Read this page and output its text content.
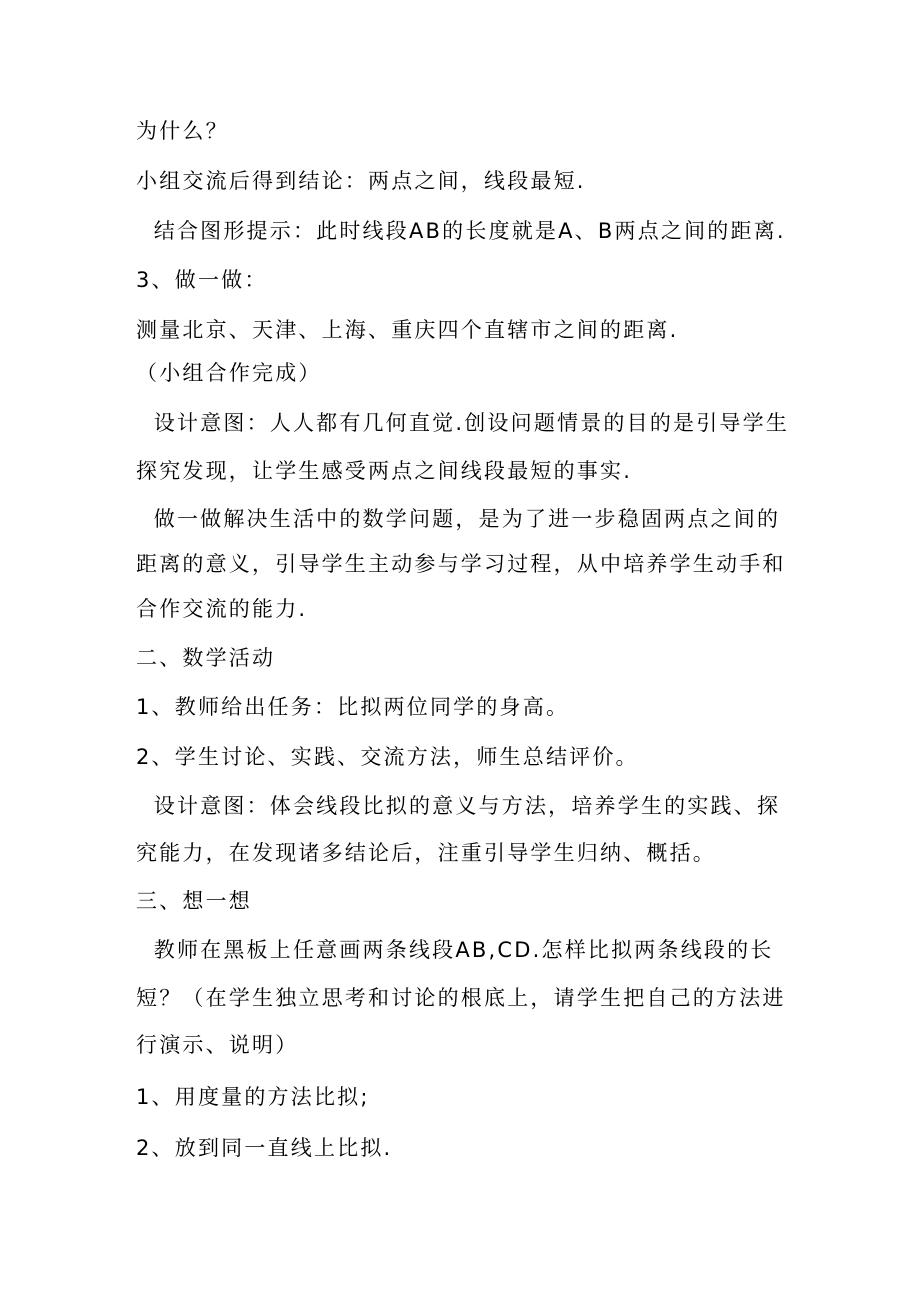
为什么？
小组交流后得到结论：两点之间，线段最短.
结合图形提示：此时线段AB的长度就是A、B两点之间的距离.
3、做一做：
测量北京、天津、上海、重庆四个直辖市之间的距离.
（小组合作完成）
设计意图：人人都有几何直觉.创设问题情景的目的是引导学生
探究发现，让学生感受两点之间线段最短的事实.
做一做解决生活中的数学问题，是为了进一步稳固两点之间的
距离的意义，引导学生主动参与学习过程，从中培养学生动手和
合作交流的能力.
二、数学活动
1、教师给出任务：比拟两位同学的身高。
2、学生讨论、实践、交流方法，师生总结评价。
设计意图：体会线段比拟的意义与方法，培养学生的实践、探
究能力，在发现诸多结论后，注重引导学生归纳、概括。
三、想一想
教师在黑板上任意画两条线段AB,CD.怎样比拟两条线段的长
短？（在学生独立思考和讨论的根底上，请学生把自己的方法进
行演示、说明）
1、用度量的方法比拟;
2、放到同一直线上比拟.
